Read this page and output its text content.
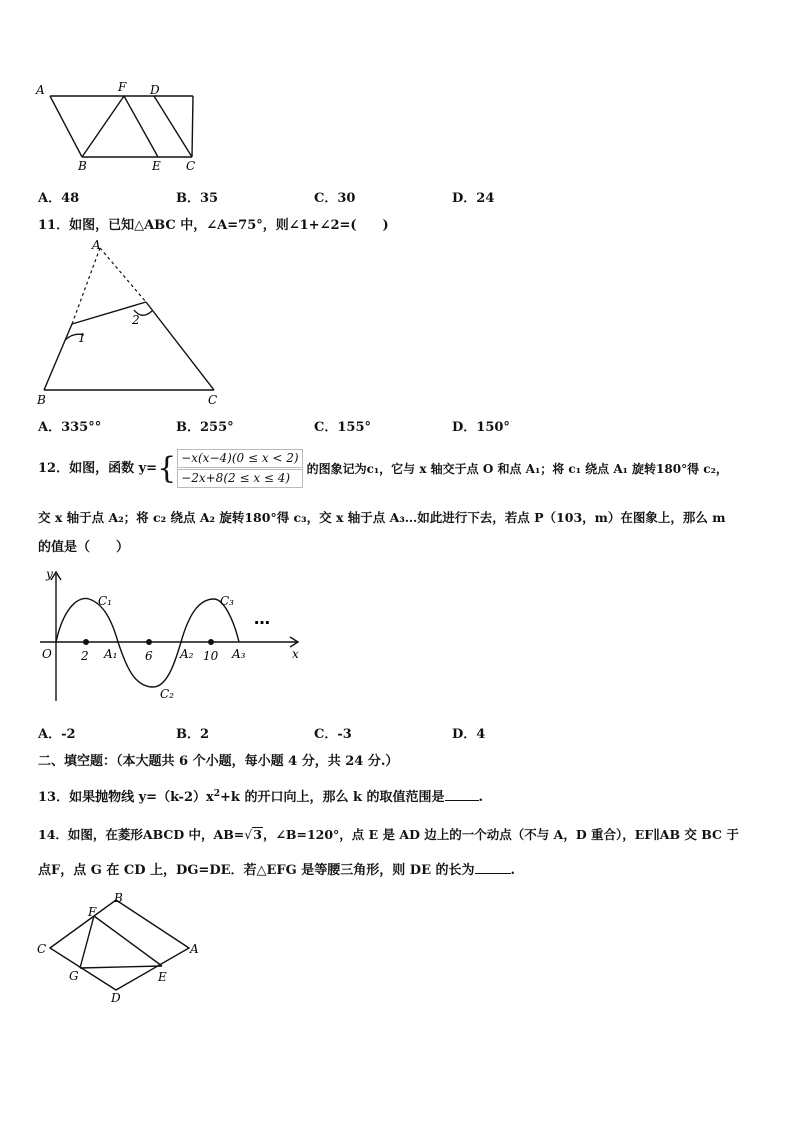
A	F D
B	E C
A．48	B．35	C．30	D．24
11．如图，已知△ABC 中，∠A=75°，则∠1+∠2=(　　)
A
B	C
1
2
A．335°°	B．255°	C．155°	D．150°
12．如图，函数 y= { −x(x−4)(0 ≤ x < 2)
−2x+8(2 ≤ x ≤ 4)
的图象记为c₁，它与 x 轴交于点 O 和点 A₁；将 c₁ 绕点 A₁ 旋转180°得 c₂，
交 x 轴于点 A₂；将 c₂ 绕点 A₂ 旋转180°得 c₃，交 x 轴于点 A₃…如此进行下去，若点 P（103，m）在图象上，那么 m
的值是（　　）
y
x
O 2 A₁ 6 A₂ 10 A₃
C₁
C₂
C₃
…
A．-2	B．2	C．-3	D．4
二、填空题：（本大题共 6 个小题，每小题 4 分，共 24 分.）
13．如果抛物线 $y=(k-2)x^2+k$ 的开口向上，那么 k 的取值范围是	.
14．如图，在菱形ABCD 中，AB=√3，∠B=120°，点 E 是 AD 边上的一个动点（不与 A，D 重合），EF∥AB 交 BC 于
点F，点 G 在 CD 上，DG=DE．若△EFG 是等腰三角形，则 DE 的长为	.
B
F
C	A
G	E
D
